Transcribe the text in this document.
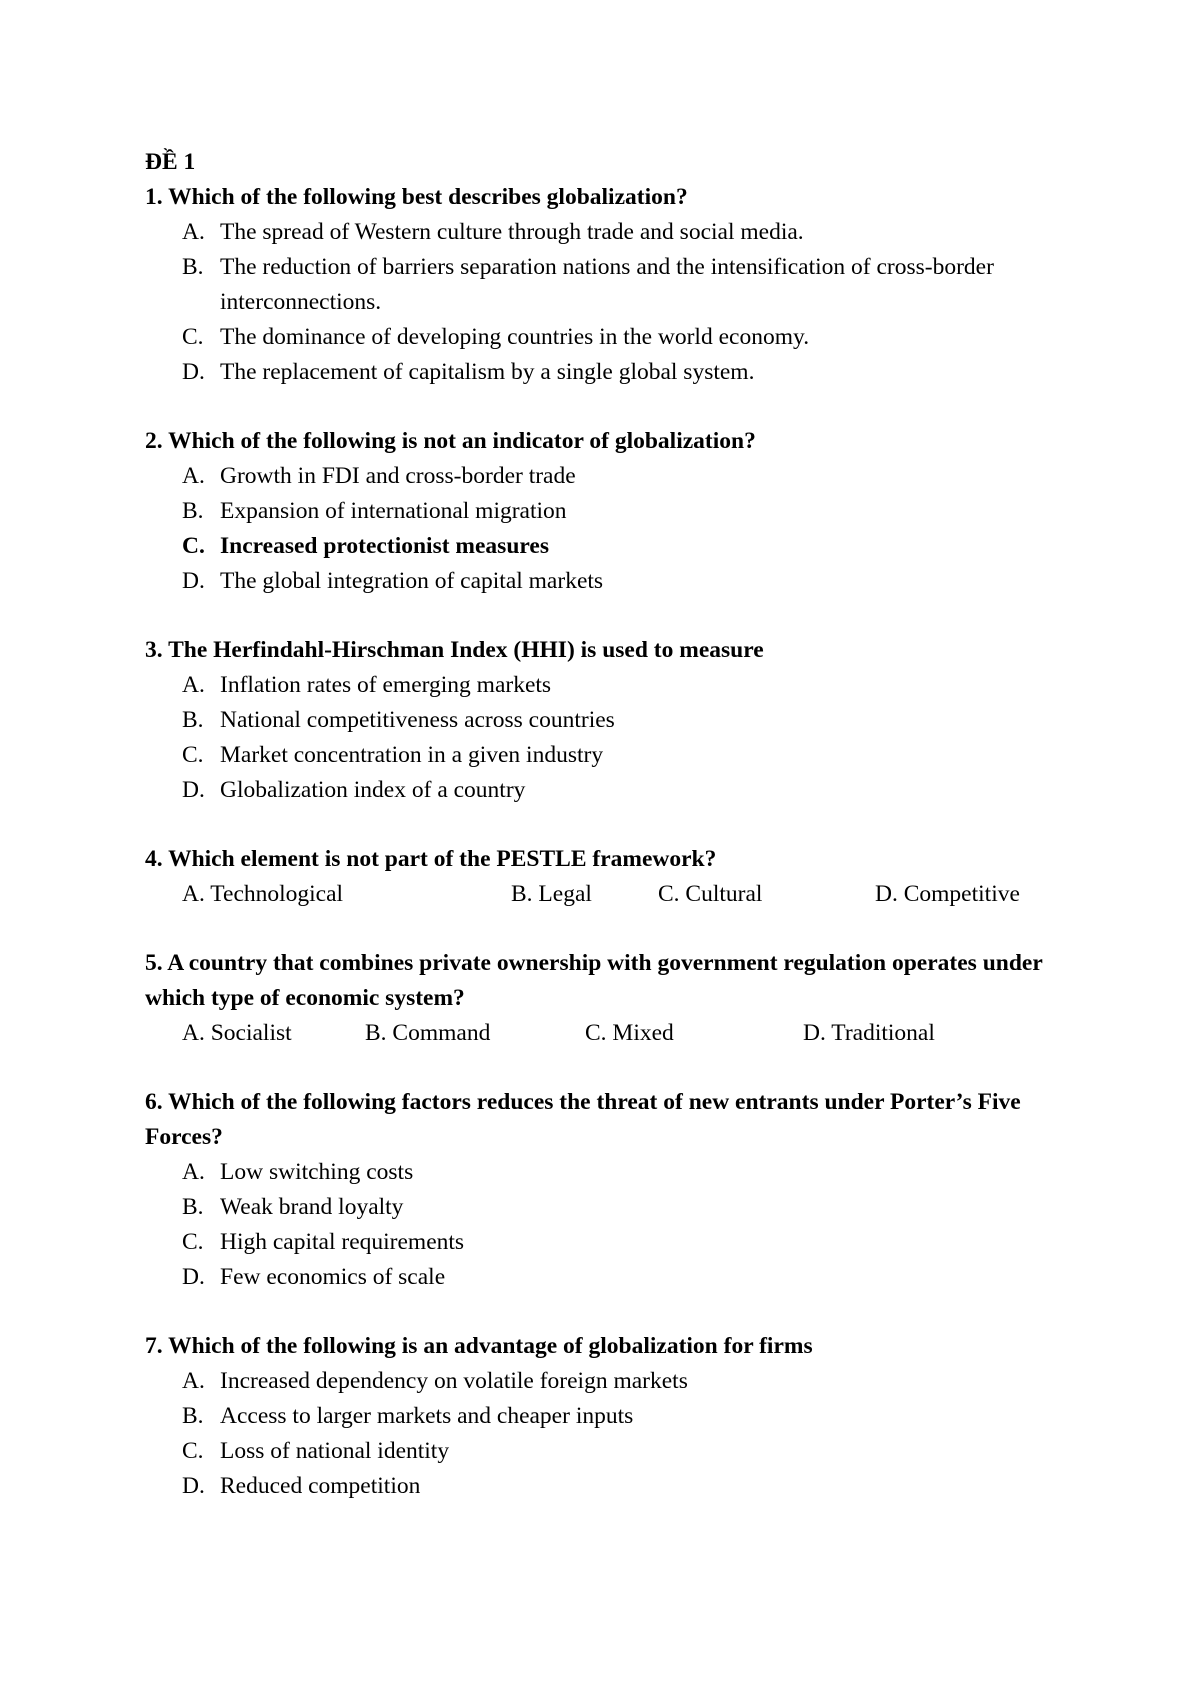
ĐỀ 1

1. Which of the following best describes globalization?

A. The spread of Western culture through trade and social media.
B. The reduction of barriers separation nations and the intensification of cross-border interconnections.
C. The dominance of developing countries in the world economy.
D. The replacement of capitalism by a single global system.

2. Which of the following is not an indicator of globalization?

A. Growth in FDI and cross-border trade
B. Expansion of international migration
C. Increased protectionist measures
D. The global integration of capital markets

3. The Herfindahl-Hirschman Index (HHI) is used to measure

A. Inflation rates of emerging markets
B. National competitiveness across countries
C. Market concentration in a given industry
D. Globalization index of a country

4. Which element is not part of the PESTLE framework?

A. Technological	B. Legal	C. Cultural	D. Competitive

5. A country that combines private ownership with government regulation operates under which type of economic system?

A. Socialist	B. Command	C. Mixed	D. Traditional

6. Which of the following factors reduces the threat of new entrants under Porter’s Five Forces?

A. Low switching costs
B. Weak brand loyalty
C. High capital requirements
D. Few economics of scale

7. Which of the following is an advantage of globalization for firms

A. Increased dependency on volatile foreign markets
B. Access to larger markets and cheaper inputs
C. Loss of national identity
D. Reduced competition
